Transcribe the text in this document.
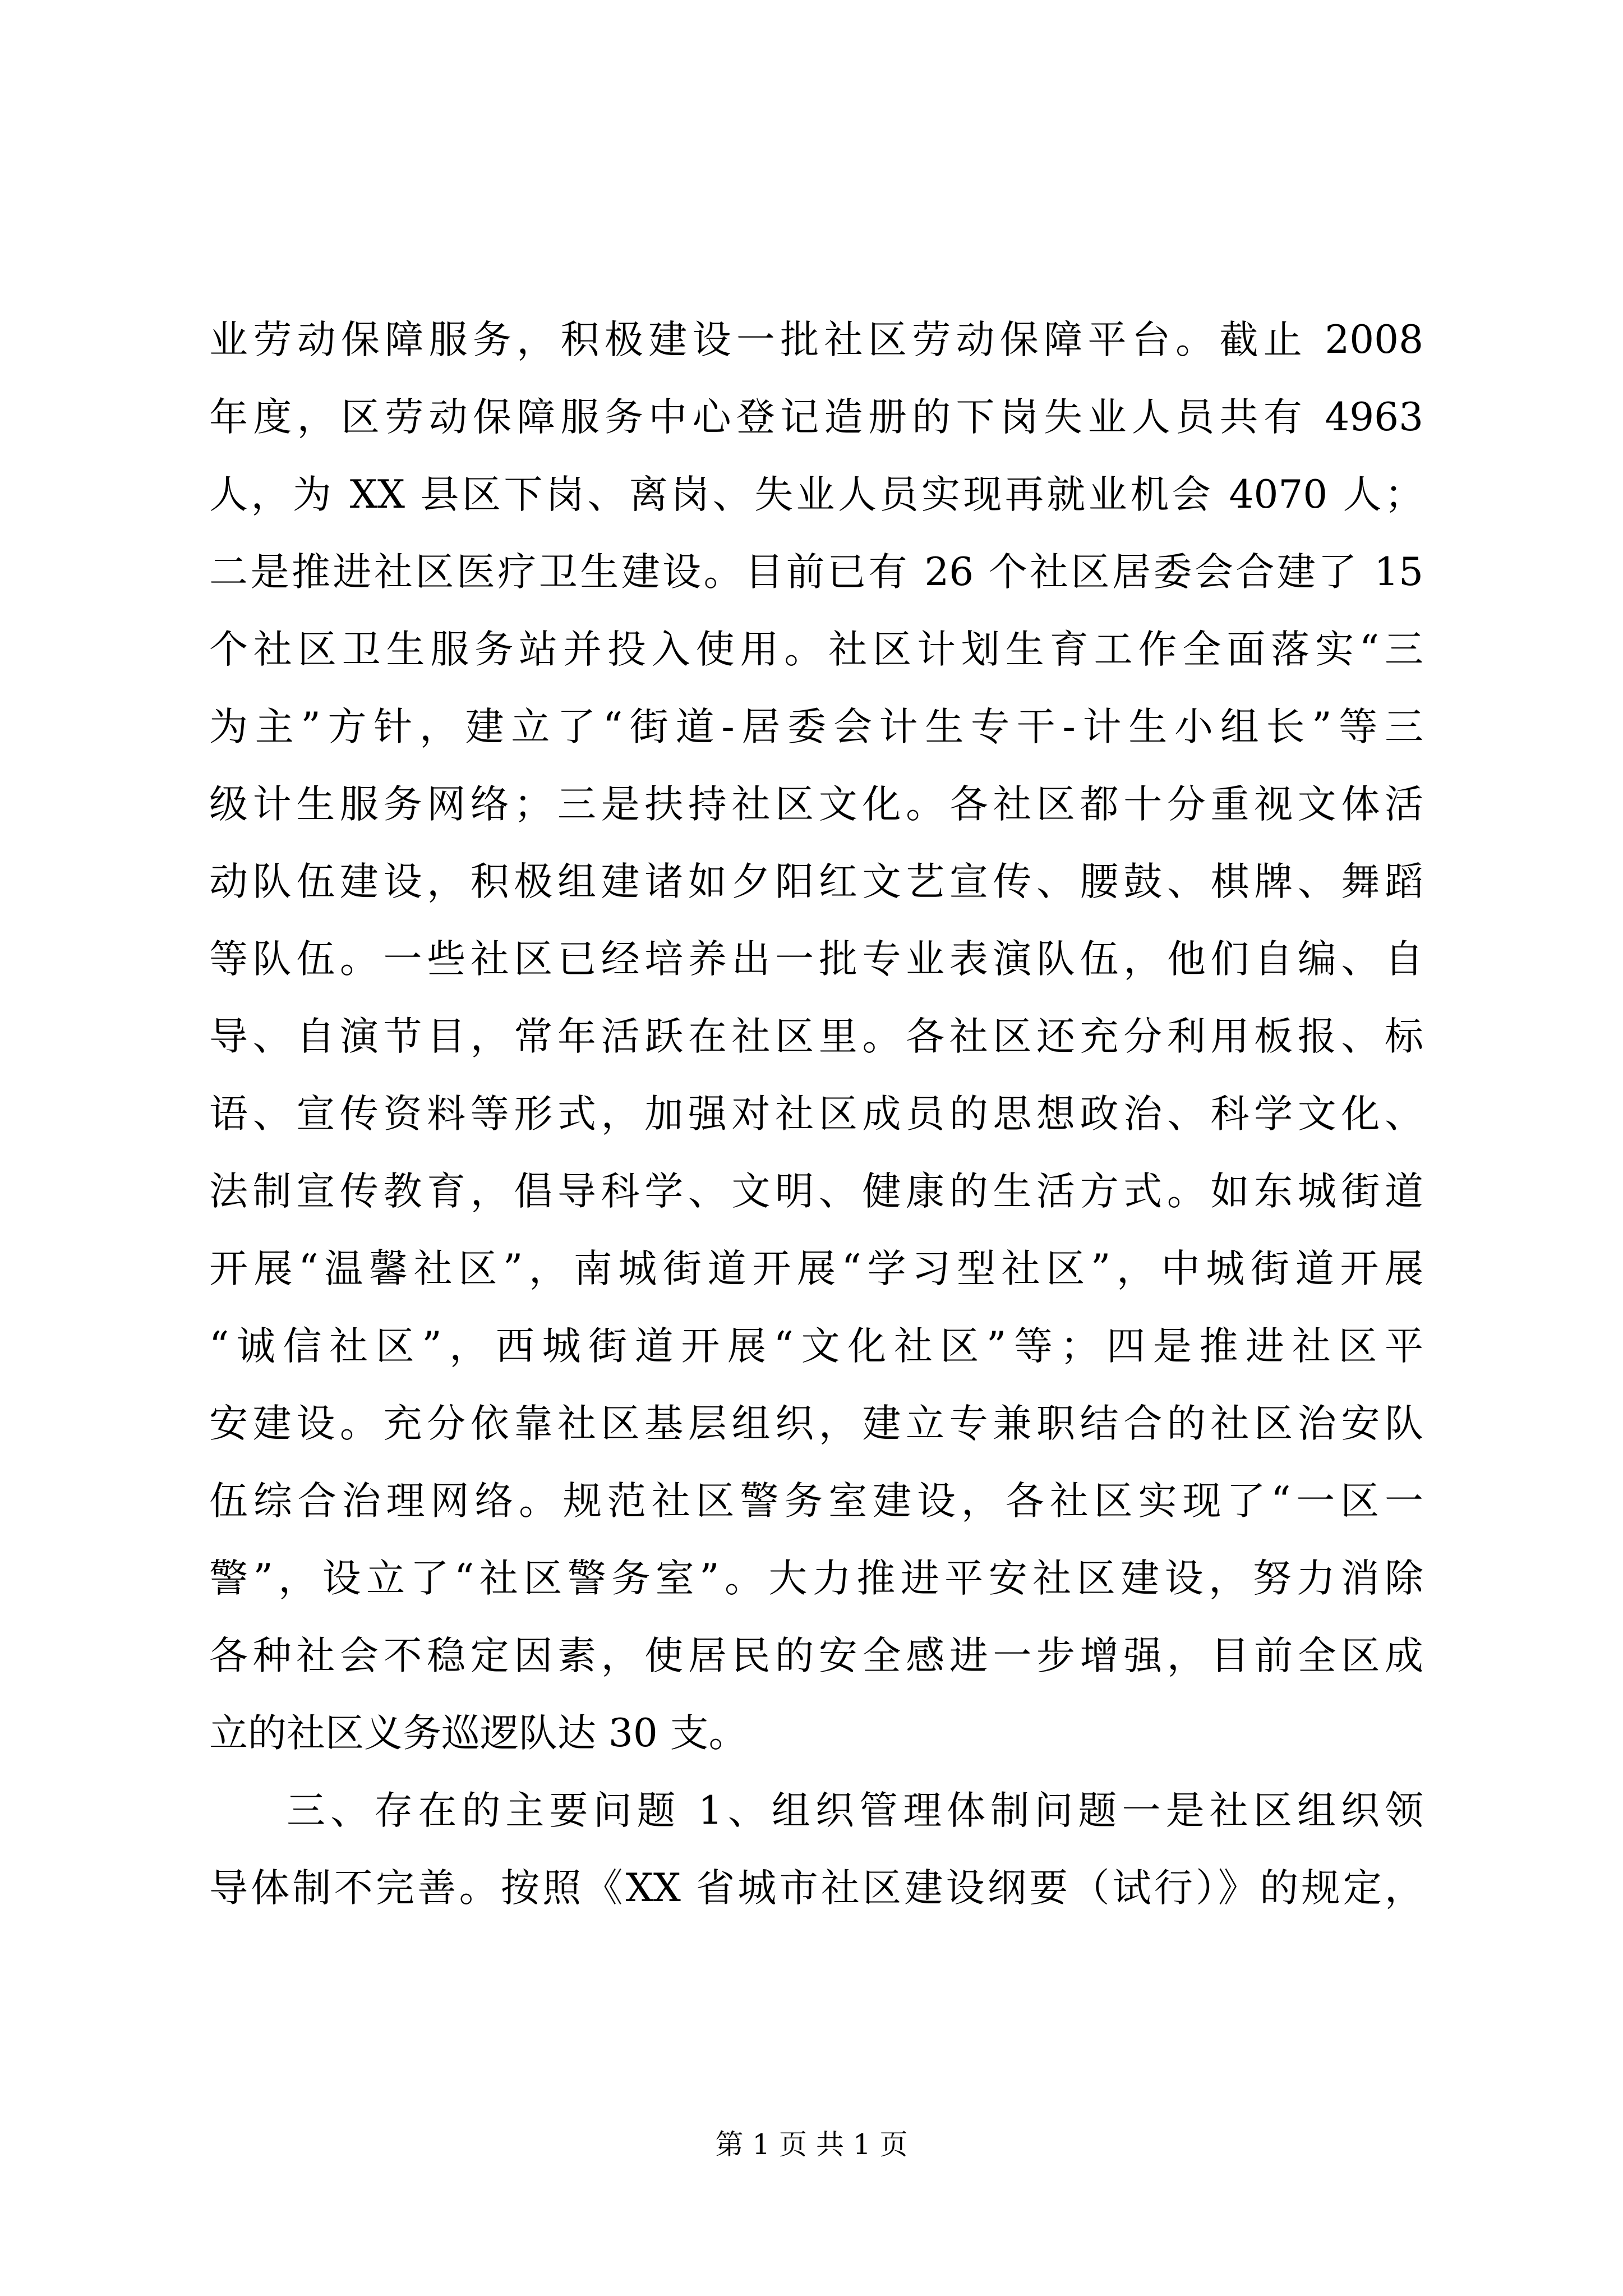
业劳动保障服务，积极建设一批社区劳动保障平台。截止 2008
年度，区劳动保障服务中心登记造册的下岗失业人员共有 4963
人，为 XX 县区下岗、离岗、失业人员实现再就业机会 4070 人；
二是推进社区医疗卫生建设。目前已有 26 个社区居委会合建了 15
个社区卫生服务站并投入使用。社区计划生育工作全面落实“三
为主”方针，建立了“街道-居委会计生专干-计生小组长”等三
级计生服务网络；三是扶持社区文化。各社区都十分重视文体活
动队伍建设，积极组建诸如夕阳红文艺宣传、腰鼓、棋牌、舞蹈
等队伍。一些社区已经培养出一批专业表演队伍，他们自编、自
导、自演节目，常年活跃在社区里。各社区还充分利用板报、标
语、宣传资料等形式，加强对社区成员的思想政治、科学文化、
法制宣传教育，倡导科学、文明、健康的生活方式。如东城街道
开展“温馨社区”，南城街道开展“学习型社区”，中城街道开展
“诚信社区”，西城街道开展“文化社区”等；四是推进社区平
安建设。充分依靠社区基层组织，建立专兼职结合的社区治安队
伍综合治理网络。规范社区警务室建设，各社区实现了“一区一
警”，设立了“社区警务室”。大力推进平安社区建设，努力消除
各种社会不稳定因素，使居民的安全感进一步增强，目前全区成
立的社区义务巡逻队达 30 支。
三、存在的主要问题 1、组织管理体制问题一是社区组织领
导体制不完善。按照《XX 省城市社区建设纲要（试行）》的规定，
第 1 页 共 1 页
